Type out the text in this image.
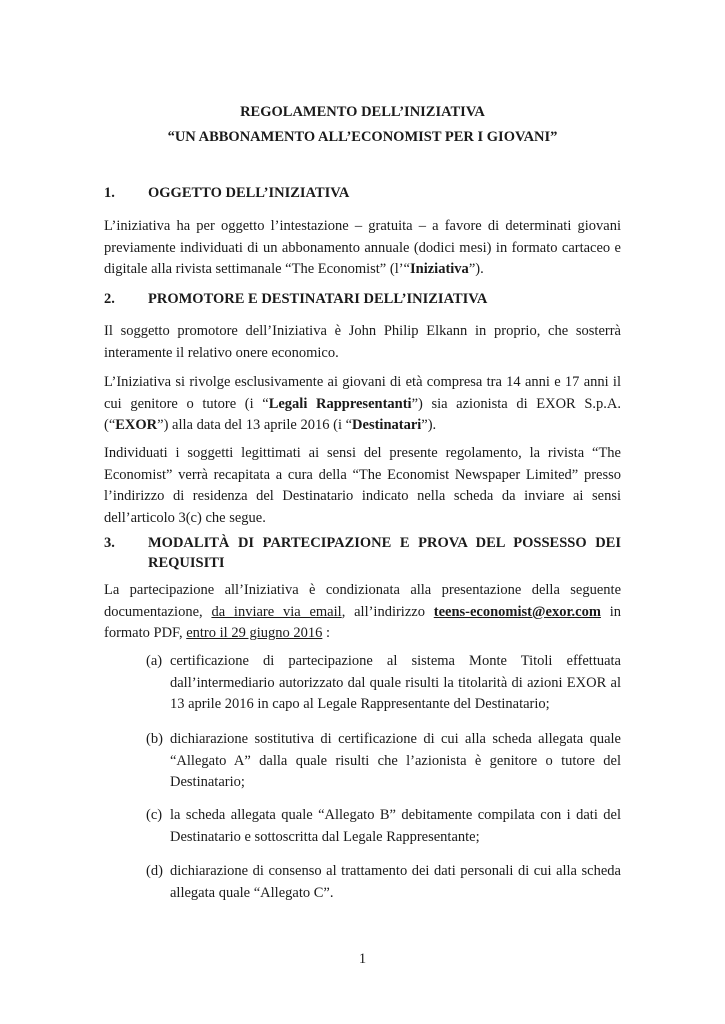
REGOLAMENTO DELL’INIZIATIVA
“UN ABBONAMENTO ALL’ECONOMIST PER I GIOVANI”
1. OGGETTO DELL’INIZIATIVA

L’iniziativa ha per oggetto l’intestazione – gratuita – a favore di determinati giovani previamente individuati di un abbonamento annuale (dodici mesi) in formato cartaceo e digitale alla rivista settimanale “The Economist” (l’“Iniziativa”).

2. PROMOTORE E DESTINATARI DELL’INIZIATIVA

Il soggetto promotore dell’Iniziativa è John Philip Elkann in proprio, che sosterrà interamente il relativo onere economico.

L’Iniziativa si rivolge esclusivamente ai giovani di età compresa tra 14 anni e 17 anni il cui genitore o tutore (i “Legali Rappresentanti”) sia azionista di EXOR S.p.A. (“EXOR”) alla data del 13 aprile 2016 (i “Destinatari”).

Individuati i soggetti legittimati ai sensi del presente regolamento, la rivista “The Economist” verrà recapitata a cura della “The Economist Newspaper Limited” presso l’indirizzo di residenza del Destinatario indicato nella scheda da inviare ai sensi dell’articolo 3(c) che segue.

3. MODALITÀ DI PARTECIPAZIONE E PROVA DEL POSSESSO DEI REQUISITI

La partecipazione all’Iniziativa è condizionata alla presentazione della seguente documentazione, da inviare via email, all’indirizzo teens-economist@exor.com in formato PDF, entro il 29 giugno 2016 :

(a) certificazione di partecipazione al sistema Monte Titoli effettuata dall’intermediario autorizzato dal quale risulti la titolarità di azioni EXOR al 13 aprile 2016 in capo al Legale Rappresentante del Destinatario;
(b) dichiarazione sostitutiva di certificazione di cui alla scheda allegata quale “Allegato A” dalla quale risulti che l’azionista è genitore o tutore del Destinatario;
(c) la scheda allegata quale “Allegato B” debitamente compilata con i dati del Destinatario e sottoscritta dal Legale Rappresentante;
(d) dichiarazione di consenso al trattamento dei dati personali di cui alla scheda allegata quale “Allegato C”.
1
